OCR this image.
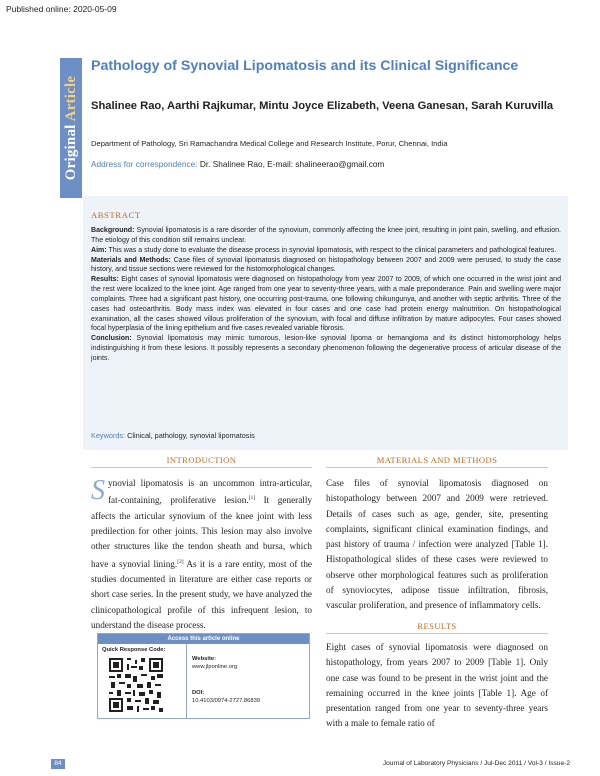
Published online: 2020-05-09
Original Article
Pathology of Synovial Lipomatosis and its Clinical Significance
Shalinee Rao, Aarthi Rajkumar, Mintu Joyce Elizabeth, Veena Ganesan, Sarah Kuruvilla
Department of Pathology, Sri Ramachandra Medical College and Research Institute, Porur, Chennai, India
Address for correspondence: Dr. Shalinee Rao, E-mail: shalineerao@gmail.com
ABSTRACT

Background: Synovial lipomatosis is a rare disorder of the synovium, commonly affecting the knee joint, resulting in joint pain, swelling, and effusion. The etiology of this condition still remains unclear.

Aim: This was a study done to evaluate the disease process in synovial lipomatosis, with respect to the clinical parameters and pathological features.

Materials and Methods: Case files of synovial lipomatosis diagnosed on histopathology between 2007 and 2009 were perused, to study the case history, and tissue sections were reviewed for the histomorphological changes.

Results: Eight cases of synovial lipomatosis were diagnosed on histopathology from year 2007 to 2009, of which one occurred in the wrist joint and the rest were localized to the knee joint. Age ranged from one year to seventy-three years, with a male preponderance. Pain and swelling were major complaints. Three had a significant past history, one occurring post-trauma, one following chikungunya, and another with septic arthritis. Three of the cases had osteoarthritis. Body mass index was elevated in four cases and one case had protein energy malnutrition. On histopathological examination, all the cases showed villous proliferation of the synovium, with focal and diffuse infiltration by mature adipocytes. Four cases showed focal hyperplasia of the lining epithelium and five cases revealed variable fibrosis.

Conclusion: Synovial lipomatosis may mimic tumorous, lesion-like synovial lipoma or hemangioma and its distinct histomorphology helps indistinguishing it from these lesions. It possibly represents a secondary phenomenon following the degenerative process of articular disease of the joints.

Keywords: Clinical, pathology, synovial lipomatosis
INTRODUCTION
Synovial lipomatosis is an uncommon intra-articular, fat-containing, proliferative lesion.[1] It generally affects the articular synovium of the knee joint with less predilection for other joints. This lesion may also involve other structures like the tendon sheath and bursa, which have a synovial lining.[2] As it is a rare entity, most of the studies documented in literature are either case reports or short case series. In the present study, we have analyzed the clinicopathological profile of this infrequent lesion, to understand the disease process.
MATERIALS AND METHODS
Case files of synovial lipomatosis diagnosed on histopathology between 2007 and 2009 were retrieved. Details of cases such as age, gender, site, presenting complaints, significant clinical examination findings, and past history of trauma / infection were analyzed [Table 1]. Histopathological slides of these cases were reviewed to observe other morphological features such as proliferation of synoviocytes, adipose tissue infiltration, fibrosis, vascular proliferation, and presence of inflammatory cells.
RESULTS
Eight cases of synovial lipomatosis were diagnosed on histopathology, from years 2007 to 2009 [Table 1]. Only one case was found to be present in the wrist joint and the remaining occurred in the knee joints [Table 1]. Age of presentation ranged from one year to seventy-three years with a male to female ratio of
Access this article online
Quick Response Code:
Website:
www.jlponline.org
DOI:
10.4103/0974-2727.86839
84	Journal of Laboratory Physicians / Jul-Dec 2011 / Vol-3 / Issue-2
